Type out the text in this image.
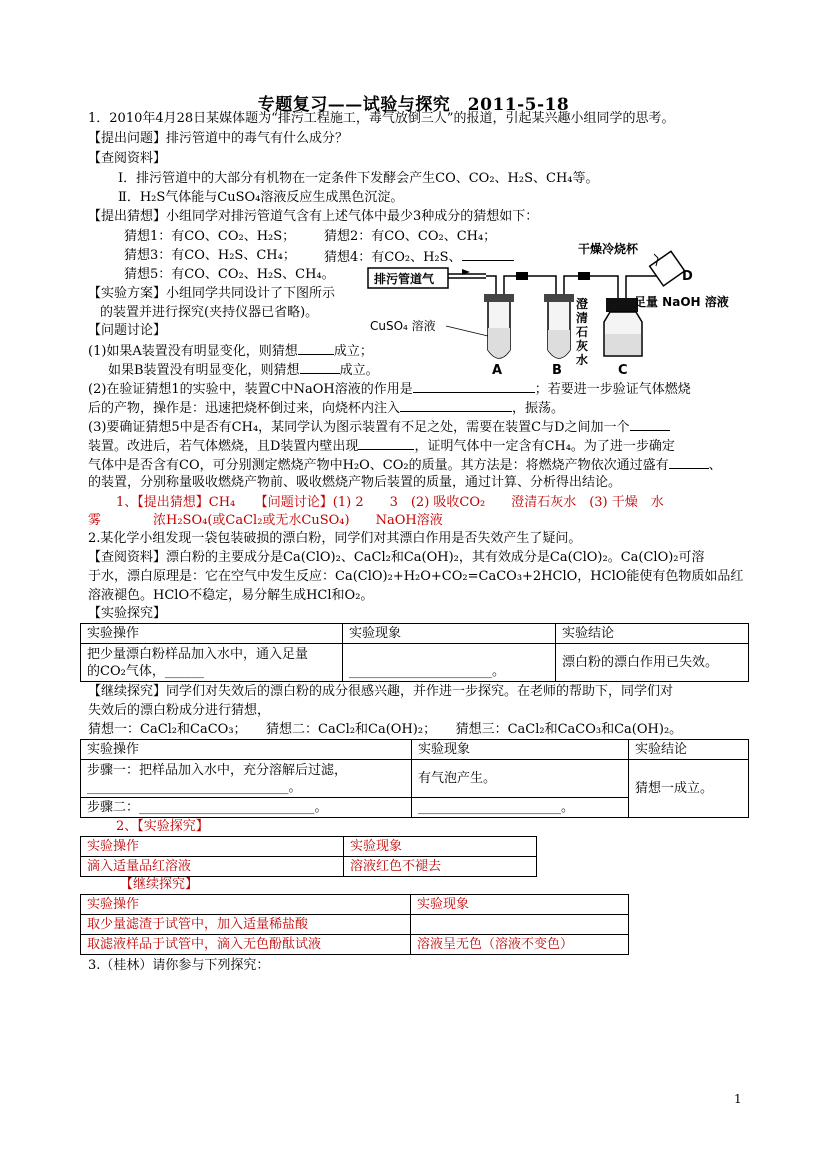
专题复习——试验与探究　2011-5-18
1．2010年4月28日某媒体题为“排污工程施工，毒气放倒三人”的报道，引起某兴趣小组同学的思考。
【提出问题】排污管道中的毒气有什么成分？
【查阅资料】
Ⅰ．排污管道中的大部分有机物在一定条件下发酵会产生CO、CO₂、H₂S、CH₄等。
Ⅱ．H₂S气体能与CuSO₄溶液反应生成黑色沉淀。
【提出猜想】小组同学对排污管道气含有上述气体中最少3种成分的猜想如下：
猜想1：有CO、CO₂、H₂S； 猜想2：有CO、CO₂、CH₄；
猜想3：有CO、H₂S、CH₄； 猜想4：有CO₂、H₂S、
猜想5：有CO、CO₂、H₂S、CH₄。
【实验方案】小组同学共同设计了下图所示
的装置并进行探究(夹持仪器已省略)。
【问题讨论】
(1)如果A装置没有明显变化，则猜想	成立；
如果B装置没有明显变化，则猜想	成立。
(2)在验证猜想1的实验中，装置C中NaOH溶液的作用是	；若要进一步验证气体燃烧
后的产物，操作是：迅速把烧杯倒过来，向烧杯内注入	，振荡。
(3)要确证猜想5中是否有CH₄，某同学认为图示装置有不足之处，需要在装置C与D之间加一个
装置。改进后，若气体燃烧，且D装置内壁出现	，证明气体中一定含有CH₄。为了进一步确定
气体中是否含有CO，可分别测定燃烧产物中H₂O、CO₂的质量。其方法是：将燃烧产物依次通过盛有	、
的装置，分别称量吸收燃烧产物前、吸收燃烧产物后装置的质量，通过计算、分析得出结论。
1、【提出猜想】CH₄　　【问题讨论】(1) 2　　3　(2) 吸收CO₂　　澄清石灰水　(3) 干燥　水
雾　　　　浓H₂SO₄(或CaCl₂或无水CuSO₄)　　NaOH溶液
排污管道气
CuSO₄ 溶液
澄
清
石
灰
水
足量 NaOH 溶液
干燥冷烧杯
A	B	C
D
2.某化学小组发现一袋包装破损的漂白粉，同学们对其漂白作用是否失效产生了疑问。
【查阅资料】漂白粉的主要成分是Ca(ClO)₂、CaCl₂和Ca(OH)₂，其有效成分是Ca(ClO)₂。Ca(ClO)₂可溶
于水，漂白原理是：它在空气中发生反应：Ca(ClO)₂+H₂O+CO₂=CaCO₃+2HClO，HClO能使有色物质如品红
溶液褪色。HClO不稳定，易分解生成HCl和O₂。
【实验探究】
实验操作	实验现象	实验结论
把少量漂白粉样品加入水中，通入足量
的CO₂气体，______	______________________。	漂白粉的漂白作用已失效。
【继续探究】同学们对失效后的漂白粉的成分很感兴趣，并作进一步探究。在老师的帮助下，同学们对
失效后的漂白粉成分进行猜想，
猜想一：CaCl₂和CaCO₃；　　猜想二：CaCl₂和Ca(OH)₂；　　猜想三：CaCl₂和CaCO₃和Ca(OH)₂。
实验操作	实验现象	实验结论
步骤一：把样品加入水中，充分溶解后过滤，
_______________________________。	有气泡产生。	猜想一成立。
步骤二：___________________________。	______________________。	
2、【实验探究】
实验操作	实验现象
滴入适量品红溶液	溶液红色不褪去
【继续探究】
实验操作	实验现象
取少量滤渣于试管中，加入适量稀盐酸	
取滤液样品于试管中，滴入无色酚酞试液	溶液呈无色（溶液不变色）
3.（桂林）请你参与下列探究：
1
